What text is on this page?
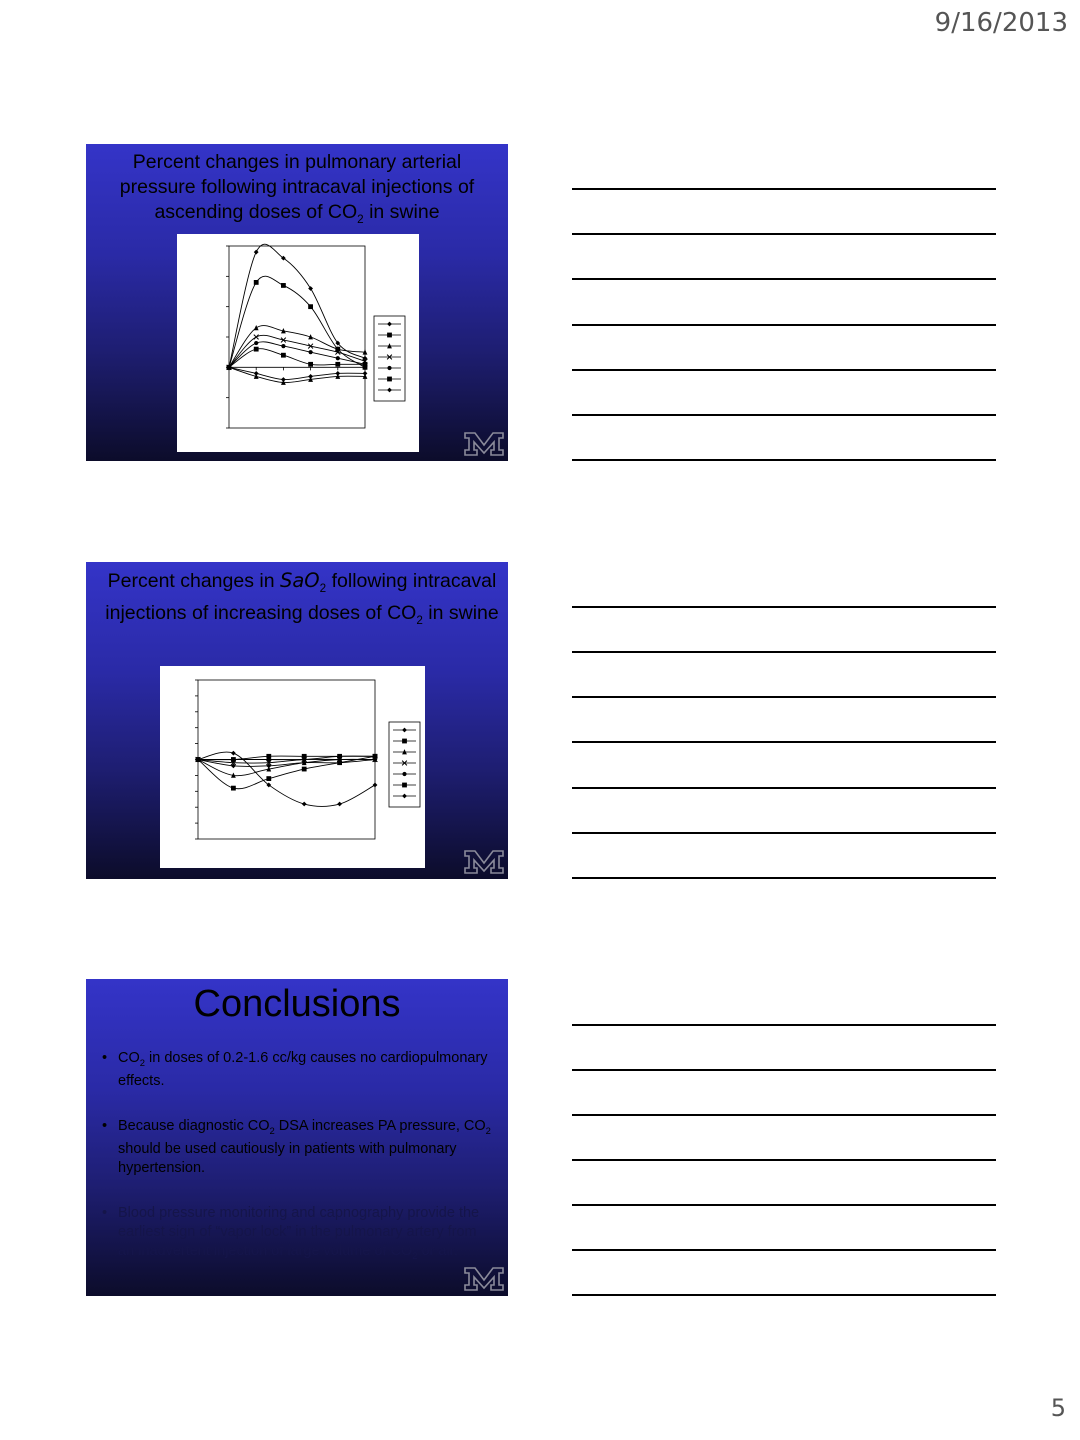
9/16/2013
Percent changes in pulmonary arterial pressure following intracaval injections of ascending doses of $CO_2$ in swine
Percent changes in SaO$_2$ following intracaval injections of increasing doses of $CO_2$ in swine
Conclusions
• $CO_2$ in doses of 0.2-1.6 cc/kg causes no cardiopulmonary effects.
• Because diagnostic $CO_2$ DSA increases PA pressure, $CO_2$ should be used cautiously in patients with pulmonary hypertension.
• Blood pressure monitoring and capnography provide the earliest sign of “vapor lock” in the pulmonary artery from an inadvertent injection of large volume of $CO_2$ or air.
5
